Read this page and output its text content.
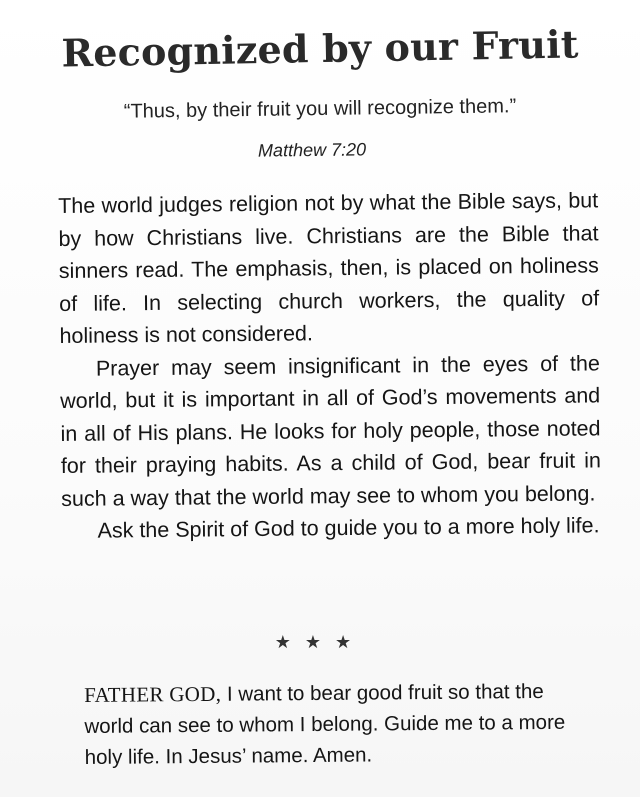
Recognized by our Fruit
“Thus, by their fruit you will recognize them.”
Matthew 7:20

The world judges religion not by what the Bible says, but by how Christians live. Christians are the Bible that sinners read. The emphasis, then, is placed on holiness of life. In selecting church workers, the quality of holiness is not considered.

Prayer may seem insignificant in the eyes of the world, but it is important in all of God’s movements and in all of His plans. He looks for holy people, those noted for their praying habits. As a child of God, bear fruit in such a way that the world may see to whom you belong.

Ask the Spirit of God to guide you to a more holy life.

★★★
FATHER GOD, I want to bear good fruit so that the world can see to whom I belong. Guide me to a more holy life. In Jesus’ name. Amen.
